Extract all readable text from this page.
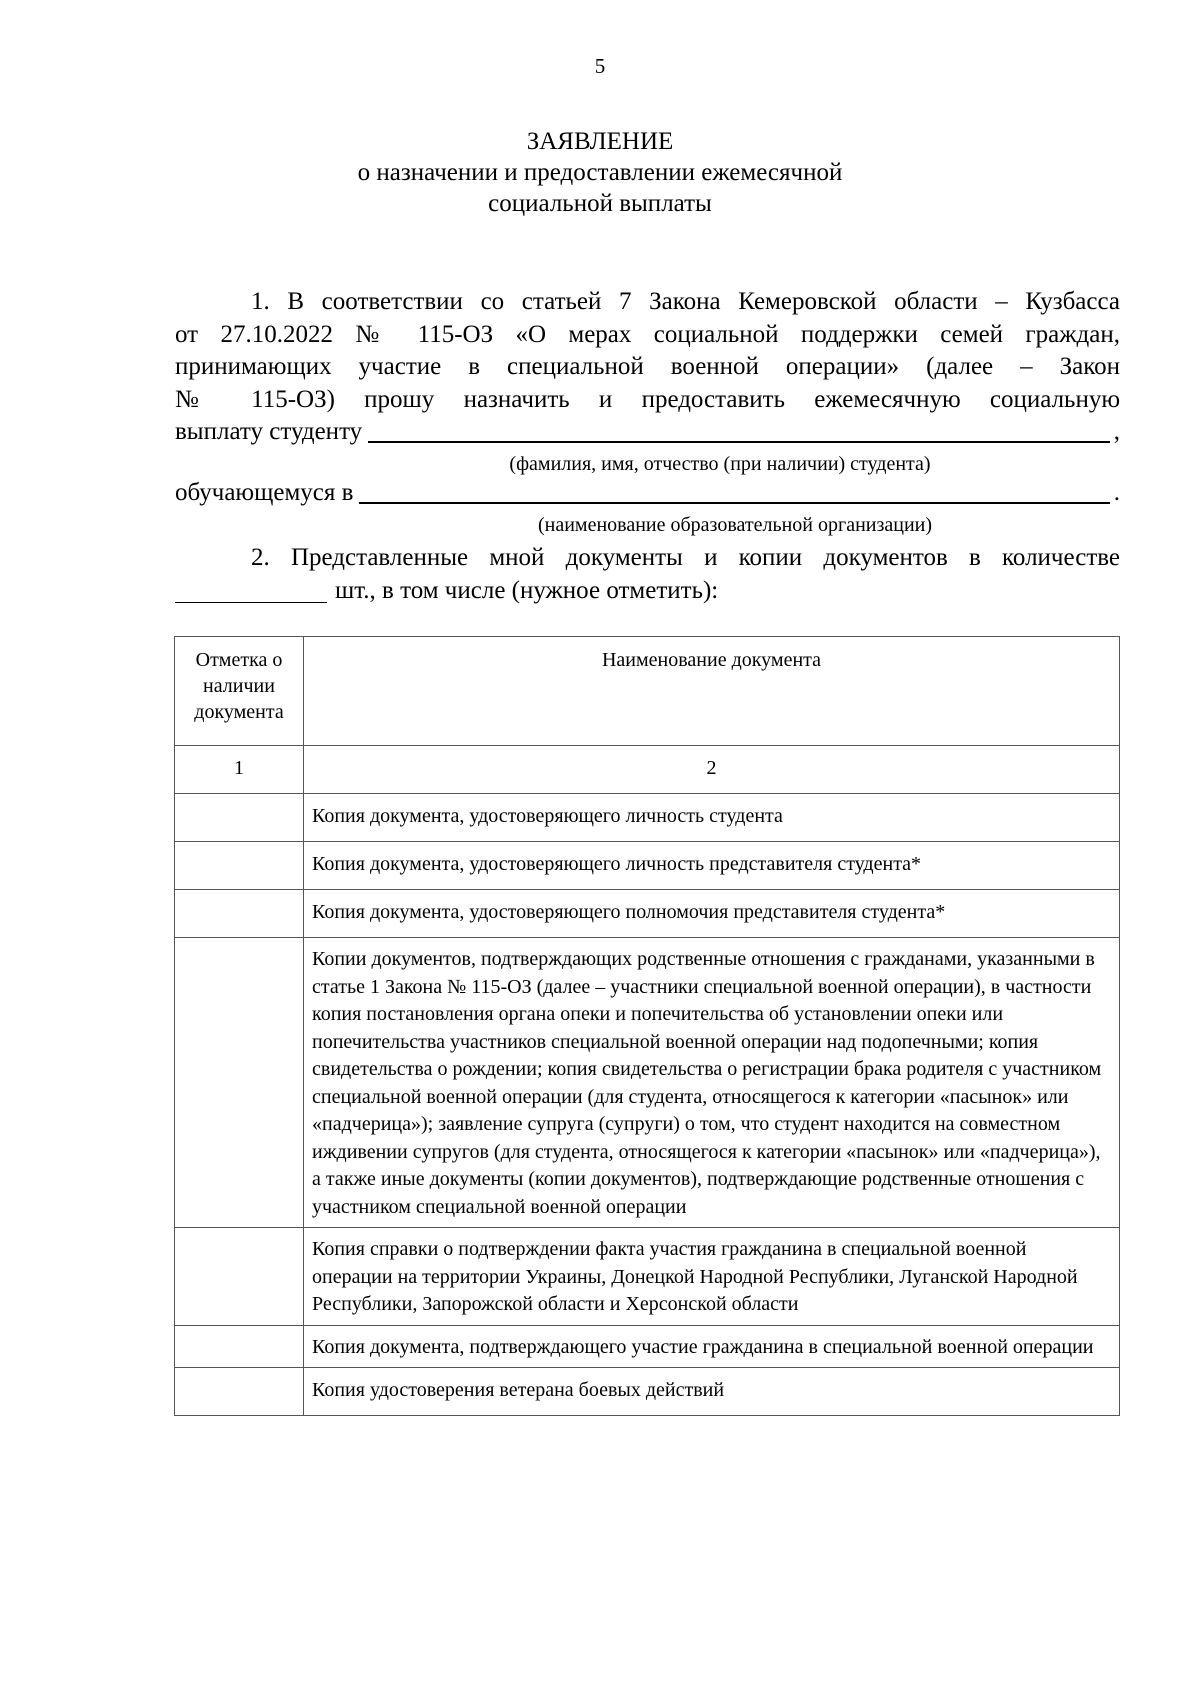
5
ЗАЯВЛЕНИЕ
о назначении и предоставлении ежемесячной
социальной выплаты
1. В соответствии со статьей 7 Закона Кемеровской области – Кузбасса
от 27.10.2022 № 115-ОЗ «О мерах социальной поддержки семей граждан,
принимающих участие в специальной военной операции» (далее – Закон
№ 115-ОЗ) прошу назначить и предоставить ежемесячную социальную
выплату студенту	,
(фамилия, имя, отчество (при наличии) студента)
обучающемуся в	.
(наименование образовательной организации)
2. Представленные мной документы и копии документов в количестве
шт., в том числе (нужное отметить):
Отметка о наличии документа	Наименование документа
1	2
	Копия документа, удостоверяющего личность студента
	Копия документа, удостоверяющего личность представителя студента*
	Копия документа, удостоверяющего полномочия представителя студента*
	Копии документов, подтверждающих родственные отношения с гражданами, указанными в статье 1 Закона № 115-ОЗ (далее – участники специальной военной операции), в частности копия постановления органа опеки и попечительства об установлении опеки или попечительства участников специальной военной операции над подопечными; копия свидетельства о рождении; копия свидетельства о регистрации брака родителя с участником специальной военной операции (для студента, относящегося к категории «пасынок» или «падчерица»); заявление супруга (супруги) о том, что студент находится на совместном иждивении супругов (для студента, относящегося к категории «пасынок» или «падчерица»), а также иные документы (копии документов), подтверждающие родственные отношения с участником специальной военной операции
	Копия справки о подтверждении факта участия гражданина в специальной военной операции на территории Украины, Донецкой Народной Республики, Луганской Народной Республики, Запорожской области и Херсонской области
	Копия документа, подтверждающего участие гражданина в специальной военной операции
	Копия удостоверения ветерана боевых действий
